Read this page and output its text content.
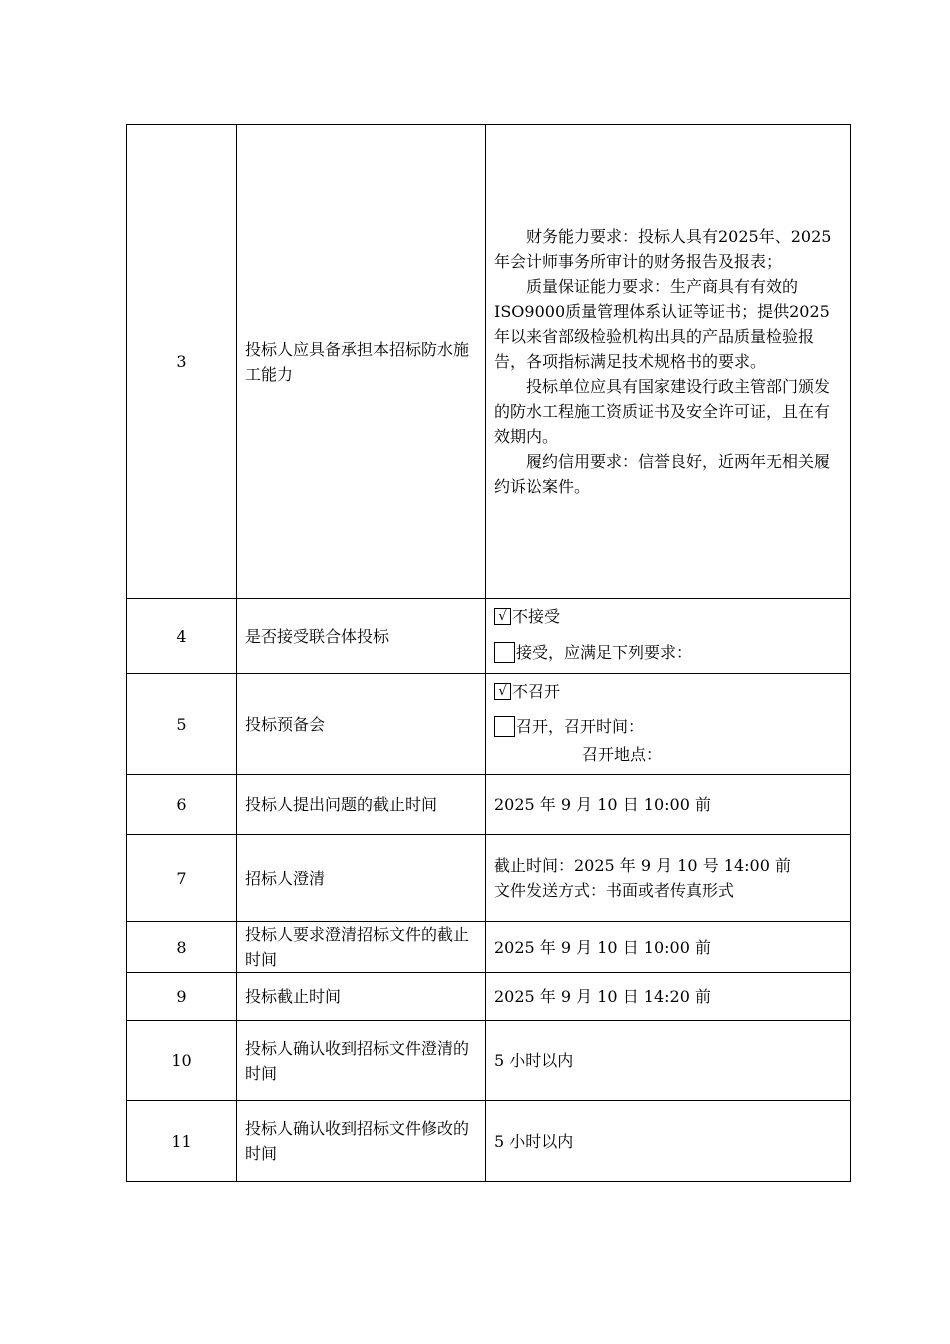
3	投标人应具备承担本招标防水施工能力	财务能力要求：投标人具有2025年、2025年会计师事务所审计的财务报告及报表；

质量保证能力要求：生产商具有有效的ISO9000质量管理体系认证等证书；提供2025年以来省部级检验机构出具的产品质量检验报告，各项指标满足技术规格书的要求。

投标单位应具有国家建设行政主管部门颁发的防水工程施工资质证书及安全许可证，且在有效期内。

履约信用要求：信誉良好，近两年无相关履约诉讼案件。

4	是否接受联合体投标	√ 不接受
接受，应满足下列要求：

5	投标预备会	√ 不召开
召开，召开时间：
召开地点：

6	投标人提出问题的截止时间	2025 年 9 月 10 日 10:00 前
7	招标人澄清	截止时间：2025 年 9 月 10 号 14:00 前
文件发送方式：书面或者传真形式

8	投标人要求澄清招标文件的截止时间	2025 年 9 月 10 日 10:00 前
9	投标截止时间	2025 年 9 月 10 日 14:20 前
10	投标人确认收到招标文件澄清的时间	5 小时以内
11	投标人确认收到招标文件修改的时间	5 小时以内
